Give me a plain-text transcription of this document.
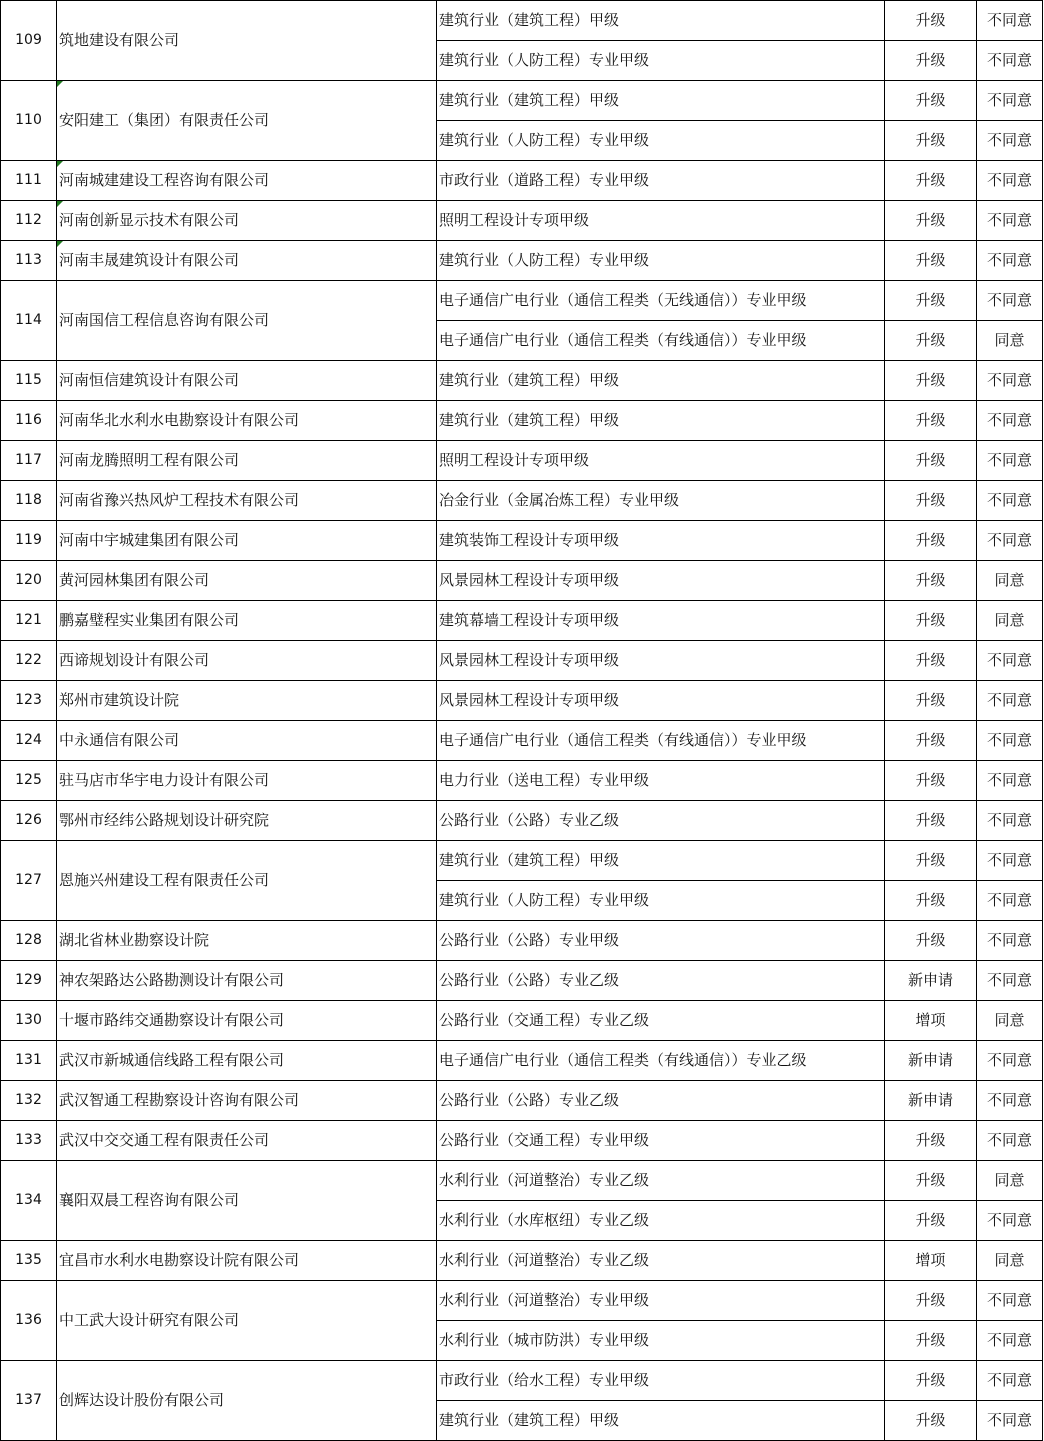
109	筑地建设有限公司	建筑行业（建筑工程）甲级	升级	不同意
		建筑行业（人防工程）专业甲级	升级	不同意
110	安阳建工（集团）有限责任公司	建筑行业（建筑工程）甲级	升级	不同意
		建筑行业（人防工程）专业甲级	升级	不同意
111	河南城建建设工程咨询有限公司	市政行业（道路工程）专业甲级	升级	不同意
112	河南创新显示技术有限公司	照明工程设计专项甲级	升级	不同意
113	河南丰晟建筑设计有限公司	建筑行业（人防工程）专业甲级	升级	不同意
114	河南国信工程信息咨询有限公司	电子通信广电行业（通信工程类（无线通信））专业甲级	升级	不同意
		电子通信广电行业（通信工程类（有线通信））专业甲级	升级	同意
115	河南恒信建筑设计有限公司	建筑行业（建筑工程）甲级	升级	不同意
116	河南华北水利水电勘察设计有限公司	建筑行业（建筑工程）甲级	升级	不同意
117	河南龙腾照明工程有限公司	照明工程设计专项甲级	升级	不同意
118	河南省豫兴热风炉工程技术有限公司	冶金行业（金属冶炼工程）专业甲级	升级	不同意
119	河南中宇城建集团有限公司	建筑装饰工程设计专项甲级	升级	不同意
120	黄河园林集团有限公司	风景园林工程设计专项甲级	升级	同意
121	鹏嘉璧程实业集团有限公司	建筑幕墙工程设计专项甲级	升级	同意
122	西谛规划设计有限公司	风景园林工程设计专项甲级	升级	不同意
123	郑州市建筑设计院	风景园林工程设计专项甲级	升级	不同意
124	中永通信有限公司	电子通信广电行业（通信工程类（有线通信））专业甲级	升级	不同意
125	驻马店市华宇电力设计有限公司	电力行业（送电工程）专业甲级	升级	不同意
126	鄂州市经纬公路规划设计研究院	公路行业（公路）专业乙级	升级	不同意
127	恩施兴州建设工程有限责任公司	建筑行业（建筑工程）甲级	升级	不同意
		建筑行业（人防工程）专业甲级	升级	不同意
128	湖北省林业勘察设计院	公路行业（公路）专业甲级	升级	不同意
129	神农架路达公路勘测设计有限公司	公路行业（公路）专业乙级	新申请	不同意
130	十堰市路纬交通勘察设计有限公司	公路行业（交通工程）专业乙级	增项	同意
131	武汉市新城通信线路工程有限公司	电子通信广电行业（通信工程类（有线通信））专业乙级	新申请	不同意
132	武汉智通工程勘察设计咨询有限公司	公路行业（公路）专业乙级	新申请	不同意
133	武汉中交交通工程有限责任公司	公路行业（交通工程）专业甲级	升级	不同意
134	襄阳双晨工程咨询有限公司	水利行业（河道整治）专业乙级	升级	同意
		水利行业（水库枢纽）专业乙级	升级	不同意
135	宜昌市水利水电勘察设计院有限公司	水利行业（河道整治）专业乙级	增项	同意
136	中工武大设计研究有限公司	水利行业（河道整治）专业甲级	升级	不同意
		水利行业（城市防洪）专业甲级	升级	不同意
137	创辉达设计股份有限公司	市政行业（给水工程）专业甲级	升级	不同意
		建筑行业（建筑工程）甲级	升级	不同意
